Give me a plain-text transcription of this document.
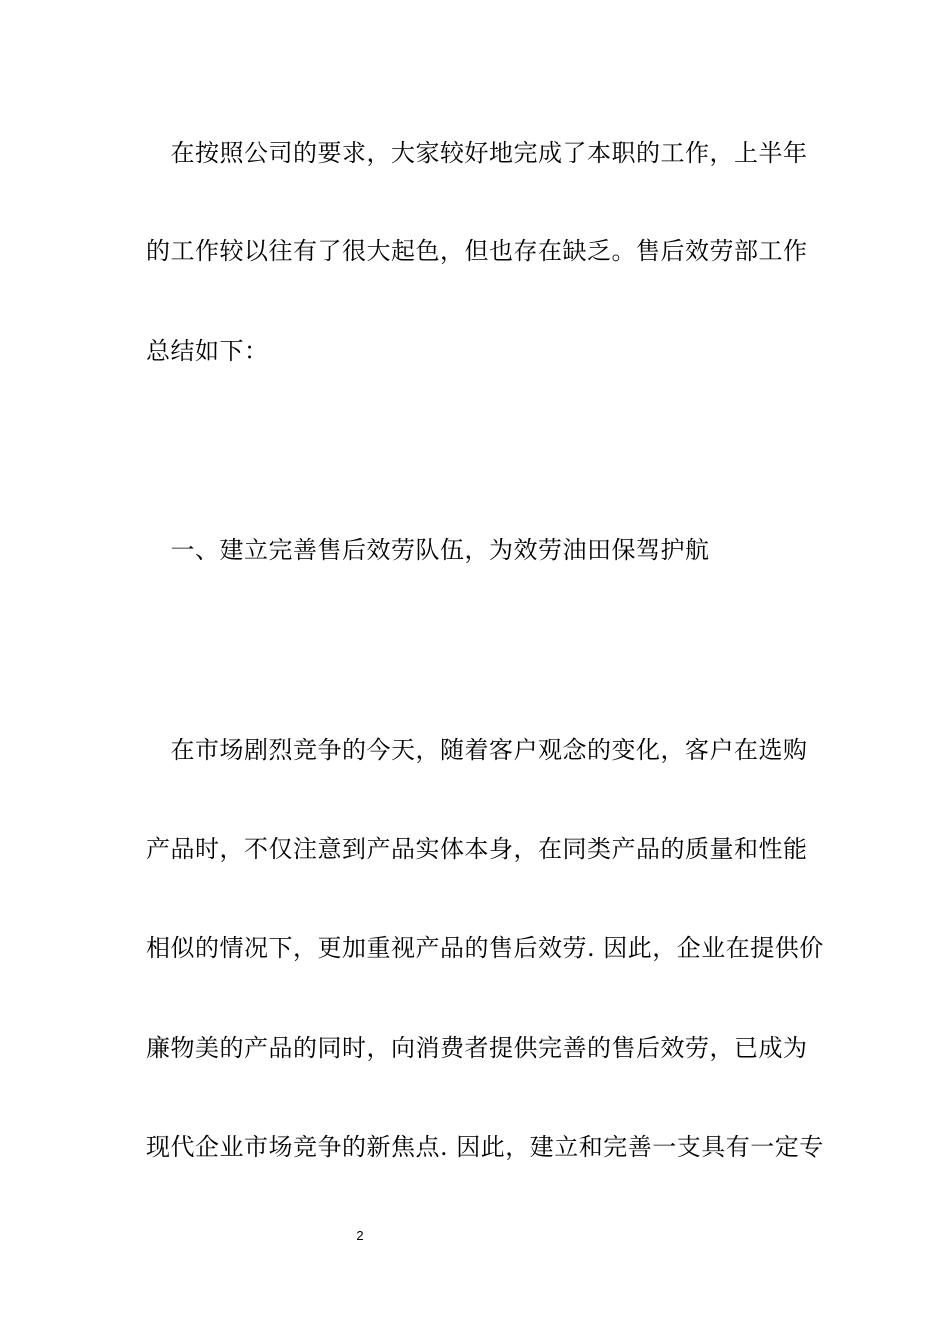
　在按照公司的要求，大家较好地完成了本职的工作，上半年
的工作较以往有了很大起色，但也存在缺乏。售后效劳部工作
总结如下：
　一、建立完善售后效劳队伍，为效劳油田保驾护航
　在市场剧烈竞争的今天，随着客户观念的变化，客户在选购
产品时，不仅注意到产品实体本身，在同类产品的质量和性能
相似的情况下，更加重视产品的售后效劳. 因此，企业在提供价
廉物美的产品的同时，向消费者提供完善的售后效劳，已成为
现代企业市场竞争的新焦点. 因此，建立和完善一支具有一定专
2
